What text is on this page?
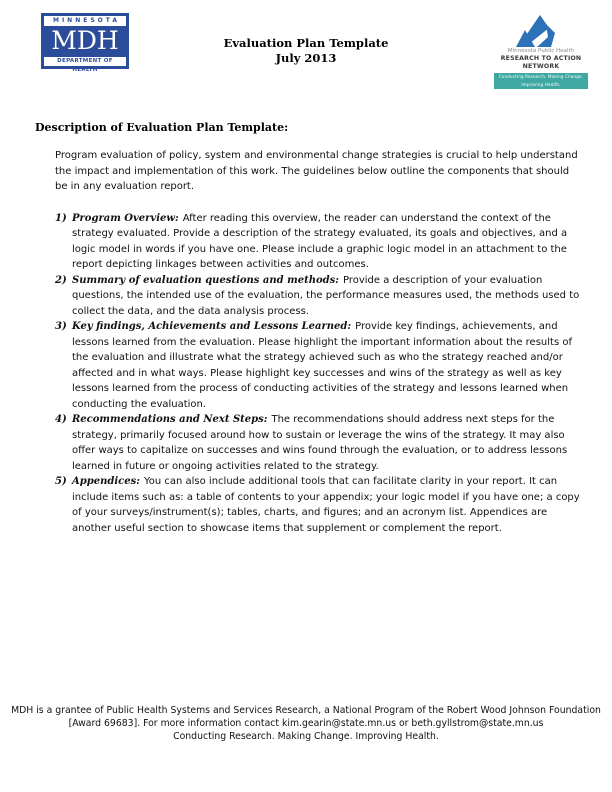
MINNESOTA
MDH
DEPARTMENT OF HEALTH
Evaluation Plan Template
July 2013	Minnesota Public Health
RESEARCH TO ACTION NETWORK
Conducting Research. Making Change. Improving Health.
Description of Evaluation Plan Template:
Program evaluation of policy, system and environmental change strategies is crucial to help understand the impact and implementation of this work. The guidelines below outline the components that should be in any evaluation report.
1) Program Overview: After reading this overview, the reader can understand the context of the strategy evaluated. Provide a description of the strategy evaluated, its goals and objectives, and a logic model in words if you have one. Please include a graphic logic model in an attachment to the report depicting linkages between activities and outcomes.
2) Summary of evaluation questions and methods: Provide a description of your evaluation questions, the intended use of the evaluation, the performance measures used, the methods used to collect the data, and the data analysis process.
3) Key findings, Achievements and Lessons Learned: Provide key findings, achievements, and lessons learned from the evaluation. Please highlight the important information about the results of the evaluation and illustrate what the strategy achieved such as who the strategy reached and/or affected and in what ways. Please highlight key successes and wins of the strategy as well as key lessons learned from the process of conducting activities of the strategy and lessons learned when conducting the evaluation.
4) Recommendations and Next Steps: The recommendations should address next steps for the strategy, primarily focused around how to sustain or leverage the wins of the strategy. It may also offer ways to capitalize on successes and wins found through the evaluation, or to address lessons learned in future or ongoing activities related to the strategy.
5) Appendices: You can also include additional tools that can facilitate clarity in your report. It can include items such as: a table of contents to your appendix; your logic model if you have one; a copy of your surveys/instrument(s); tables, charts, and figures; and an acronym list. Appendices are another useful section to showcase items that supplement or complement the report.
MDH is a grantee of Public Health Systems and Services Research, a National Program of the Robert Wood Johnson Foundation
[Award 69683]. For more information contact kim.gearin@state.mn.us or beth.gyllstrom@state.mn.us
Conducting Research. Making Change. Improving Health.
